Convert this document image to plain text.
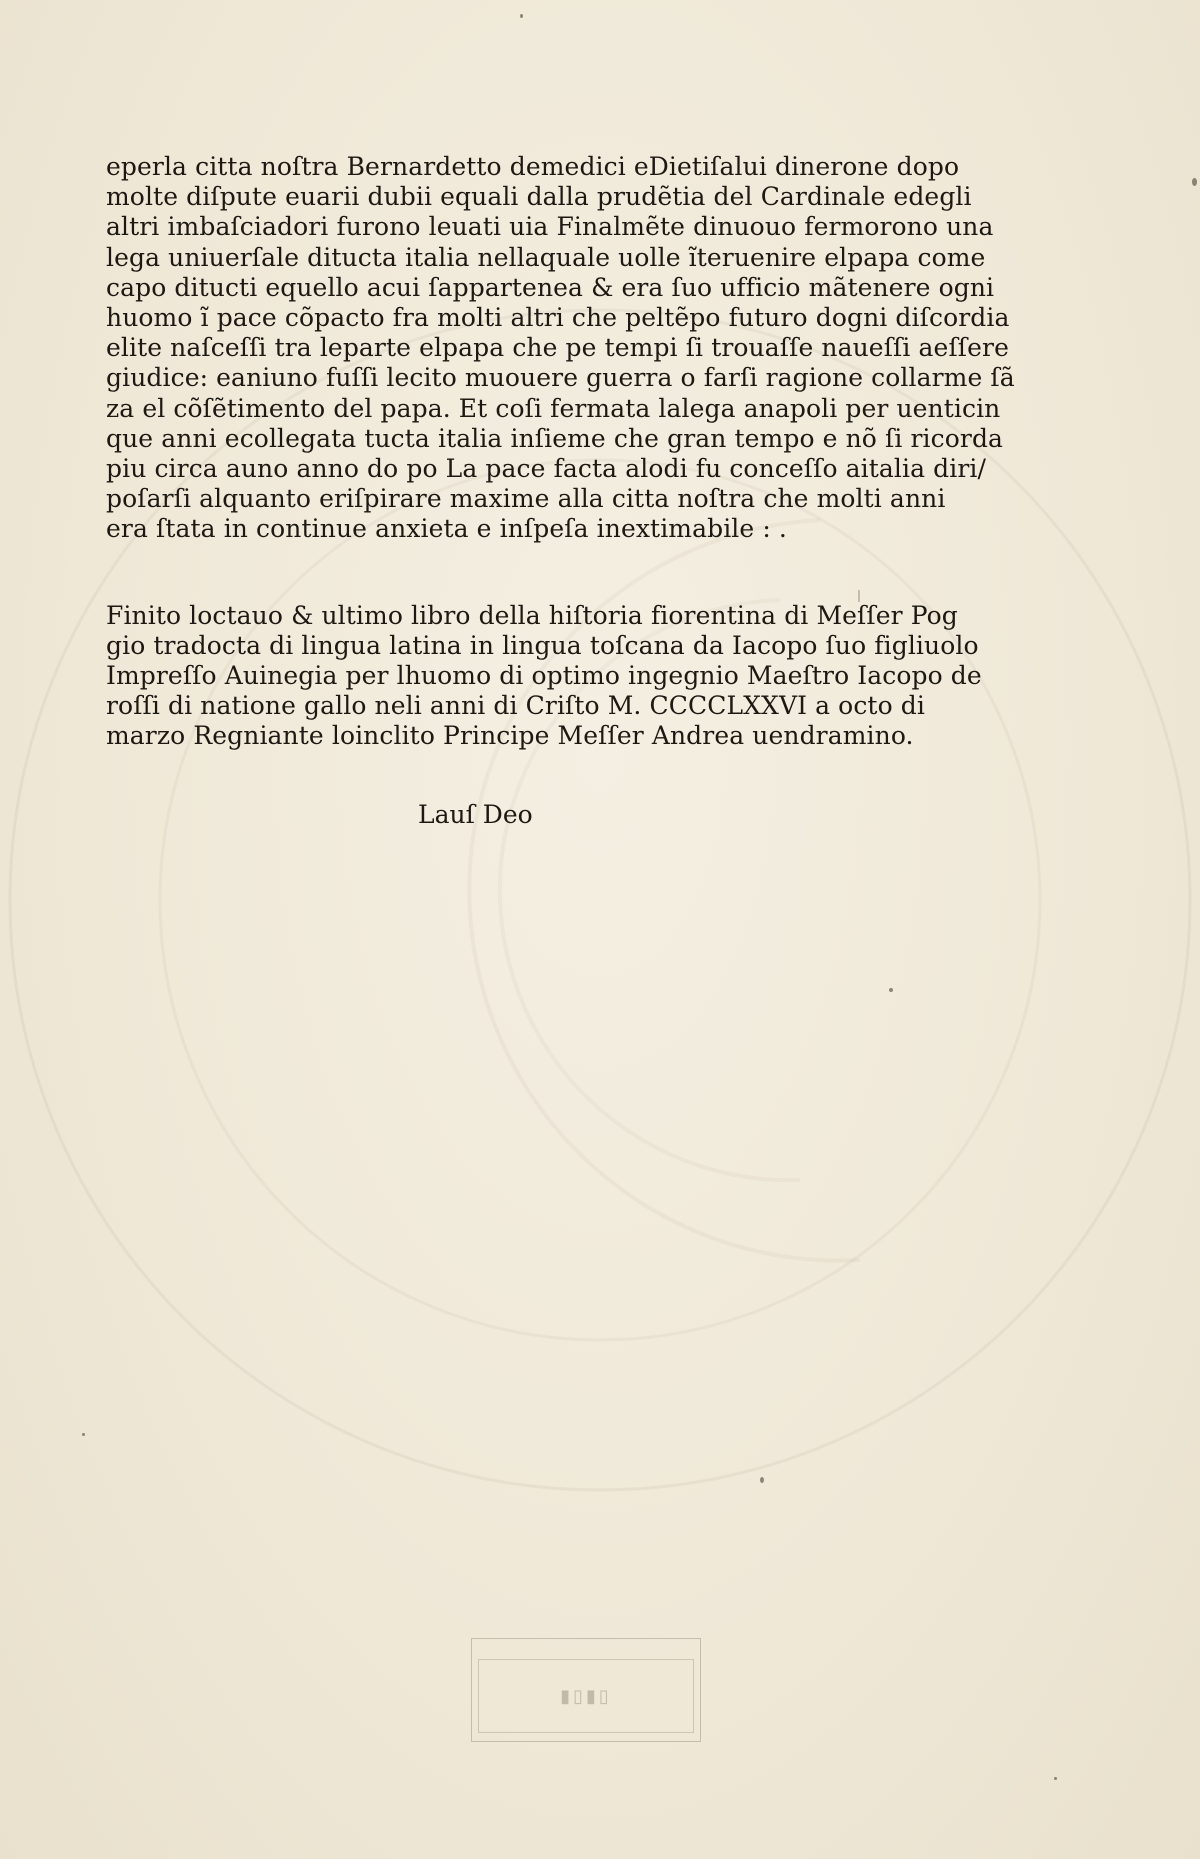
eperla citta noſtra Bernardetto demedici eDietiſalui dinerone dopo
molte diſpute euarii dubii equali dalla prudẽtia del Cardinale edegli
altri imbaſciadori furono leuati uia Finalmẽte dinuouo fermorono una
lega uniuerſale ditucta italia nellaquale uolle ĩteruenire elpapa come
capo ditucti equello acui ſappartenea & era ſuo ufficio mãtenere ogni
huomo ĩ pace cõpacto fra molti altri che peltẽpo futuro dogni diſcordia
elite naſceſſi tra leparte elpapa che pe tempi ſi trouaſſe naueſſi aeſſere
giudice: eaniuno fuſſi lecito muouere guerra o farſi ragione collarme ſã
za el cõſẽtimento del papa. Et coſi fermata lalega anapoli per uenticin
que anni ecollegata tucta italia inſieme che gran tempo e nõ ſi ricorda
piu circa auno anno do po La pace facta alodi fu conceſſo aitalia diri/
poſarſi alquanto eriſpirare maxime alla citta noſtra che molti anni
era ſtata in continue anxieta e inſpeſa inextimabile : .
Finito loctauo & ultimo libro della hiſtoria fiorentina di Meſſer Pog
gio tradocta di lingua latina in lingua toſcana da Iacopo ſuo figliuolo
Impreſſo Auinegia per lhuomo di optimo ingegnio Maeſtro Iacopo de
roſſi di natione gallo neli anni di Criſto M. CCCCLXXVI a octo di
marzo Regniante loinclito Principe Meſſer Andrea uendramino.
Lauſ Deo
▮▯▮▯
